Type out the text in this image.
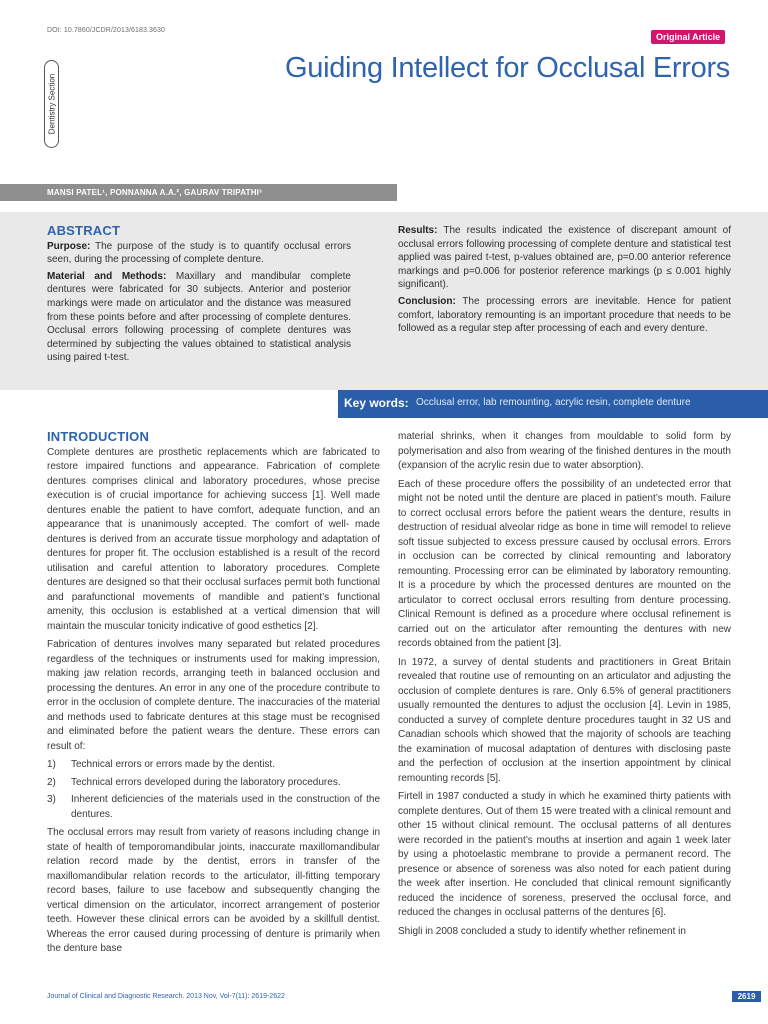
DOI: 10.7860/JCDR/2013/6183.3630
Original Article
Dentistry Section
Guiding Intellect for Occlusal Errors
MANSI PATEL¹, PONNANNA A.A.², GAURAV TRIPATHI³
ABSTRACT

Purpose: The purpose of the study is to quantify occlusal errors seen, during the processing of complete denture.

Material and Methods: Maxillary and mandibular complete dentures were fabricated for 30 subjects. Anterior and posterior markings were made on articulator and the distance was measured from these points before and after processing of complete dentures. Occlusal errors following processing of complete dentures was determined by subjecting the values obtained to statistical analysis using paired t-test.

Results: The results indicated the existence of discrepant amount of occlusal errors following processing of complete denture and statistical test applied was paired t-test, p-values obtained are, p=0.00 anterior reference markings and p=0.006 for posterior reference markings (p ≤ 0.001 highly significant).

Conclusion: The processing errors are inevitable. Hence for patient comfort, laboratory remounting is an important procedure that needs to be followed as a regular step after processing of each and every denture.

Key words: Occlusal error, lab remounting, acrylic resin, complete denture
INTRODUCTION

Complete dentures are prosthetic replacements which are fabricated to restore impaired functions and appearance. Fabrication of complete dentures comprises clinical and laboratory procedures, whose precise execution is of crucial importance for achieving success [1]. Well made dentures enable the patient to have comfort, adequate function, and an appearance that is unanimously accepted. The comfort of well- made dentures is derived from an accurate tissue morphology and adaptation of dentures for proper fit. The occlusion established is a result of the record utilisation and careful attention to laboratory procedures. Complete dentures are designed so that their occlusal surfaces permit both functional and parafunctional movements of mandible and patient’s functional amenity, this occlusion is established at a vertical dimension that will maintain the muscular tonicity indicative of good esthetics [2].

Fabrication of dentures involves many separated but related procedures regardless of the techniques or instruments used for making impression, making jaw relation records, arranging teeth in balanced occlusion and processing the dentures. An error in any one of the procedure contribute to error in the occlusion of complete denture. The inaccuracies of the material and methods used to fabricate dentures at this stage must be recognised and eliminated before the patient wears the denture. These errors can result of:

1) Technical errors or errors made by the dentist.
2) Technical errors developed during the laboratory procedures.
3) Inherent deficiencies of the materials used in the construction of the dentures.

The occlusal errors may result from variety of reasons including change in state of health of temporomandibular joints, inaccurate maxillomandibular relation record made by the dentist, errors in transfer of the maxillomandibular relation records to the articulator, ill-fitting temporary record bases, failure to use facebow and subsequently changing the vertical dimension on the articulator, incorrect arrangement of posterior teeth. However these clinical errors can be avoided by a skillfull dentist. Whereas the error caused during processing of denture is primarily when the denture base

material shrinks, when it changes from mouldable to solid form by polymerisation and also from wearing of the finished dentures in the mouth (expansion of the acrylic resin due to water absorption).

Each of these procedure offers the possibility of an undetected error that might not be noted until the denture are placed in patient’s mouth. Failure to correct occlusal errors before the patient wears the denture, results in destruction of residual alveolar ridge as bone in time will remodel to relieve soft tissue subjected to excess pressure caused by occlusal errors. Errors in occlusion can be corrected by clinical remounting and laboratory remounting. Processing error can be eliminated by laboratory remounting. It is a procedure by which the processed dentures are mounted on the articulator to correct occlusal errors resulting from denture processing. Clinical Remount is defined as a procedure where occlusal refinement is carried out on the articulator after remounting the dentures with new records obtained from the patient [3].

In 1972, a survey of dental students and practitioners in Great Britain revealed that routine use of remounting on an articulator and adjusting the occlusion of complete dentures is rare. Only 6.5% of general practitioners usually remounted the dentures to adjust the occlusion [4]. Levin in 1985, conducted a survey of complete denture procedures taught in 32 US and Canadian schools which showed that the majority of schools are teaching the examination of mucosal adaptation of dentures with disclosing paste and the perfection of occlusion at the insertion appointment by clinical remounting records [5].

Firtell in 1987 conducted a study in which he examined thirty patients with complete dentures. Out of them 15 were treated with a clinical remount and other 15 without clinical remount. The occlusal patterns of all dentures were recorded in the patient’s mouths at insertion and again 1 week later by using a photoelastic membrane to provide a permanent record. The presence or absence of soreness was also noted for each patient during the week after insertion. He concluded that clinical remount significantly reduced the incidence of soreness, preserved the occlusal force, and reduced the changes in occlusal patterns of the dentures [6].

Shigli in 2008 concluded a study to identify whether refinement in

Journal of Clinical and Diagnostic Research. 2013 Nov, Vol-7(11): 2619-2622	2619
